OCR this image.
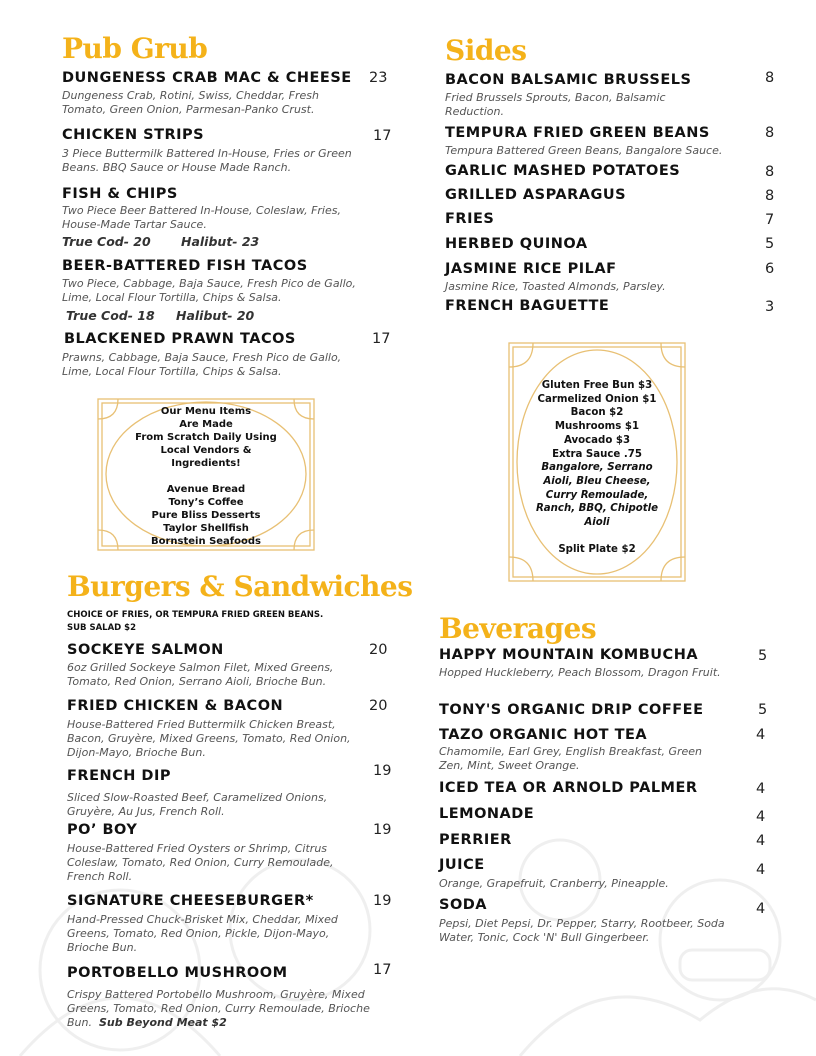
Pub Grub
DUNGENESS CRAB MAC & CHEESE 23
Dungeness Crab, Rotini, Swiss, Cheddar, Fresh Tomato, Green Onion, Parmesan-Panko Crust.
CHICKEN STRIPS	17
3 Piece Buttermilk Battered In-House, Fries or Green Beans. BBQ Sauce or House Made Ranch.
FISH & CHIPS
Two Piece Beer Battered In-House, Coleslaw, Fries, House-Made Tartar Sauce.
True Cod- 20 Halibut- 23
BEER-BATTERED FISH TACOS
Two Piece, Cabbage, Baja Sauce, Fresh Pico de Gallo, Lime, Local Flour Tortilla, Chips & Salsa.
True Cod- 18 Halibut- 20
BLACKENED PRAWN TACOS	17
Prawns, Cabbage, Baja Sauce, Fresh Pico de Gallo, Lime, Local Flour Tortilla, Chips & Salsa.
Our Menu Items
Are Made
From Scratch Daily Using
Local Vendors &
Ingredients!
Avenue Bread
Tony’s Coffee
Pure Bliss Desserts
Taylor Shellfish
Bornstein Seafoods
Burgers & Sandwiches
CHOICE OF FRIES, OR TEMPURA FRIED GREEN BEANS.
SUB SALAD $2
SOCKEYE SALMON	20
6oz Grilled Sockeye Salmon Filet, Mixed Greens, Tomato, Red Onion, Serrano Aioli, Brioche Bun.
FRIED CHICKEN & BACON	20
House-Battered Fried Buttermilk Chicken Breast, Bacon, Gruyère, Mixed Greens, Tomato, Red Onion, Dijon-Mayo, Brioche Bun.
FRENCH DIP	19
Sliced Slow-Roasted Beef, Caramelized Onions, Gruyère, Au Jus, French Roll.
PO’ BOY	19
House-Battered Fried Oysters or Shrimp, Citrus Coleslaw, Tomato, Red Onion, Curry Remoulade, French Roll.
SIGNATURE CHEESEBURGER*	19
Hand-Pressed Chuck-Brisket Mix, Cheddar, Mixed Greens, Tomato, Red Onion, Pickle, Dijon-Mayo, Brioche Bun.
PORTOBELLO MUSHROOM	17
Crispy Battered Portobello Mushroom, Gruyère, Mixed Greens, Tomato, Red Onion, Curry Remoulade, Brioche Bun. Sub Beyond Meat $2
Sides
BACON BALSAMIC BRUSSELS	8
Fried Brussels Sprouts, Bacon, Balsamic Reduction.
TEMPURA FRIED GREEN BEANS	8
Tempura Battered Green Beans, Bangalore Sauce.
GARLIC MASHED POTATOES	8
GRILLED ASPARAGUS	8
FRIES	7
HERBED QUINOA	5
JASMINE RICE PILAF	6
Jasmine Rice, Toasted Almonds, Parsley.
FRENCH BAGUETTE	3
Gluten Free Bun $3
Carmelized Onion $1
Bacon $2
Mushrooms $1
Avocado $3
Extra Sauce .75
Bangalore, Serrano
Aioli, Bleu Cheese,
Curry Remoulade,
Ranch, BBQ, Chipotle
Aioli
Split Plate $2
Beverages
HAPPY MOUNTAIN KOMBUCHA	5
Hopped Huckleberry, Peach Blossom, Dragon Fruit.
TONY'S ORGANIC DRIP COFFEE	5
TAZO ORGANIC HOT TEA	4
Chamomile, Earl Grey, English Breakfast, Green Zen, Mint, Sweet Orange.
ICED TEA OR ARNOLD PALMER	4
LEMONADE	4
PERRIER	4
JUICE	4
Orange, Grapefruit, Cranberry, Pineapple.
SODA	4
Pepsi, Diet Pepsi, Dr. Pepper, Starry, Rootbeer, Soda Water, Tonic, Cock 'N' Bull Gingerbeer.
